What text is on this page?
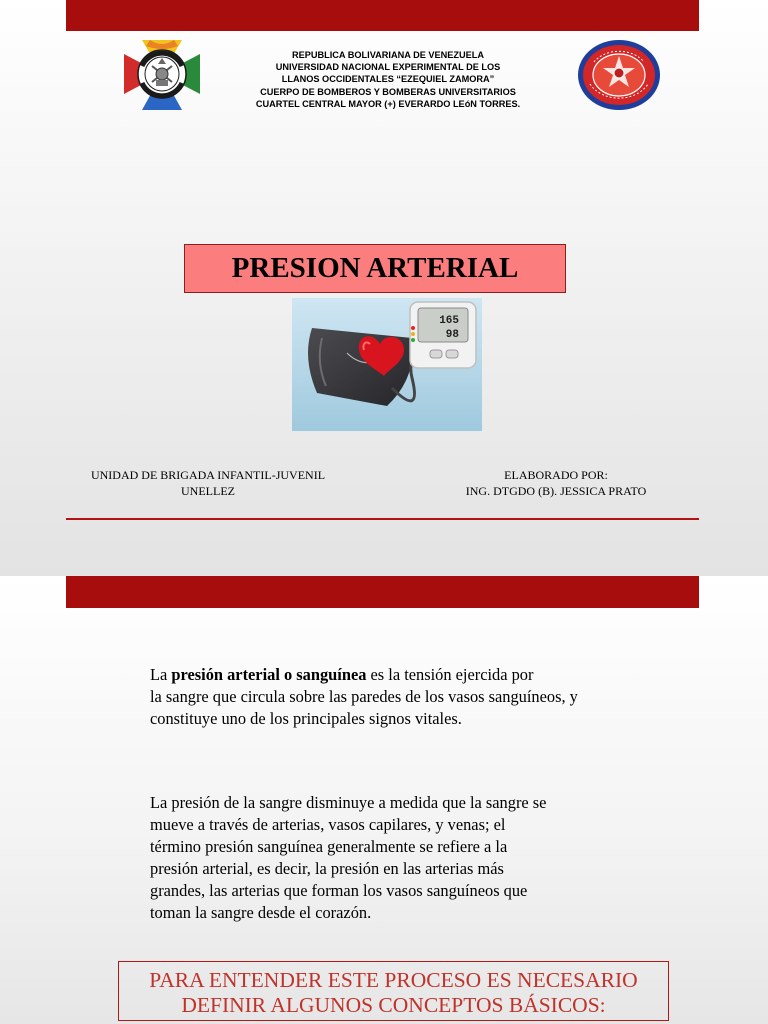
REPUBLICA BOLIVARIANA DE VENEZUELA
UNIVERSIDAD NACIONAL EXPERIMENTAL DE LOS
LLANOS OCCIDENTALES “EZEQUIEL ZAMORA”
CUERPO DE BOMBEROS Y BOMBERAS UNIVERSITARIOS
CUARTEL CENTRAL MAYOR (+) EVERARDO LEóN TORRES.
PRESION ARTERIAL
165
98
UNIDAD DE BRIGADA INFANTIL-JUVENIL
UNELLEZ
ELABORADO POR:
ING. DTGDO (B). JESSICA PRATO
La presión arterial o sanguínea es la tensión ejercida por
la sangre que circula sobre las paredes de los vasos sanguíneos, y
constituye uno de los principales signos vitales.
La presión de la sangre disminuye a medida que la sangre se
mueve a través de arterias, vasos capilares, y venas; el
término presión sanguínea generalmente se refiere a la
presión arterial, es decir, la presión en las arterias más
grandes, las arterias que forman los vasos sanguíneos que
toman la sangre desde el corazón.
PARA ENTENDER ESTE PROCESO ES NECESARIO
DEFINIR ALGUNOS CONCEPTOS BÁSICOS:
